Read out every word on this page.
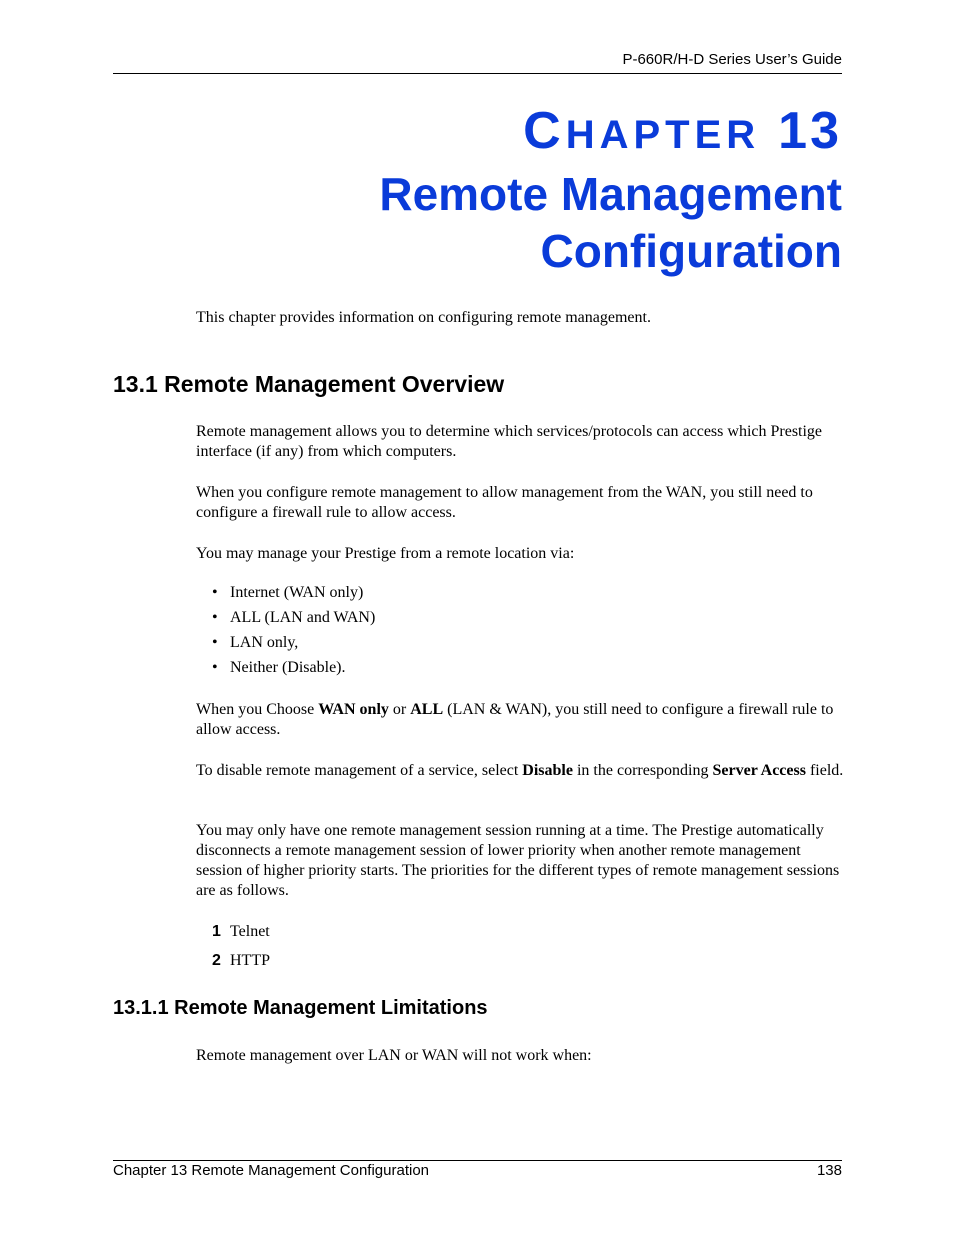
P-660R/H-D Series User’s Guide
CHAPTER 13
Remote Management Configuration
This chapter provides information on configuring remote management.
13.1 Remote Management Overview
Remote management allows you to determine which services/protocols can access which Prestige interface (if any) from which computers.
When you configure remote management to allow management from the WAN, you still need to configure a firewall rule to allow access.
You may manage your Prestige from a remote location via:
• Internet (WAN only)
• ALL (LAN and WAN)
• LAN only,
• Neither (Disable).
When you Choose WAN only or ALL (LAN & WAN), you still need to configure a firewall rule to allow access.
To disable remote management of a service, select Disable in the corresponding Server Access field.
You may only have one remote management session running at a time. The Prestige automatically disconnects a remote management session of lower priority when another remote management session of higher priority starts. The priorities for the different types of remote management sessions are as follows.
1 Telnet
2 HTTP
13.1.1 Remote Management Limitations
Remote management over LAN or WAN will not work when:
Chapter 13 Remote Management Configuration	138
